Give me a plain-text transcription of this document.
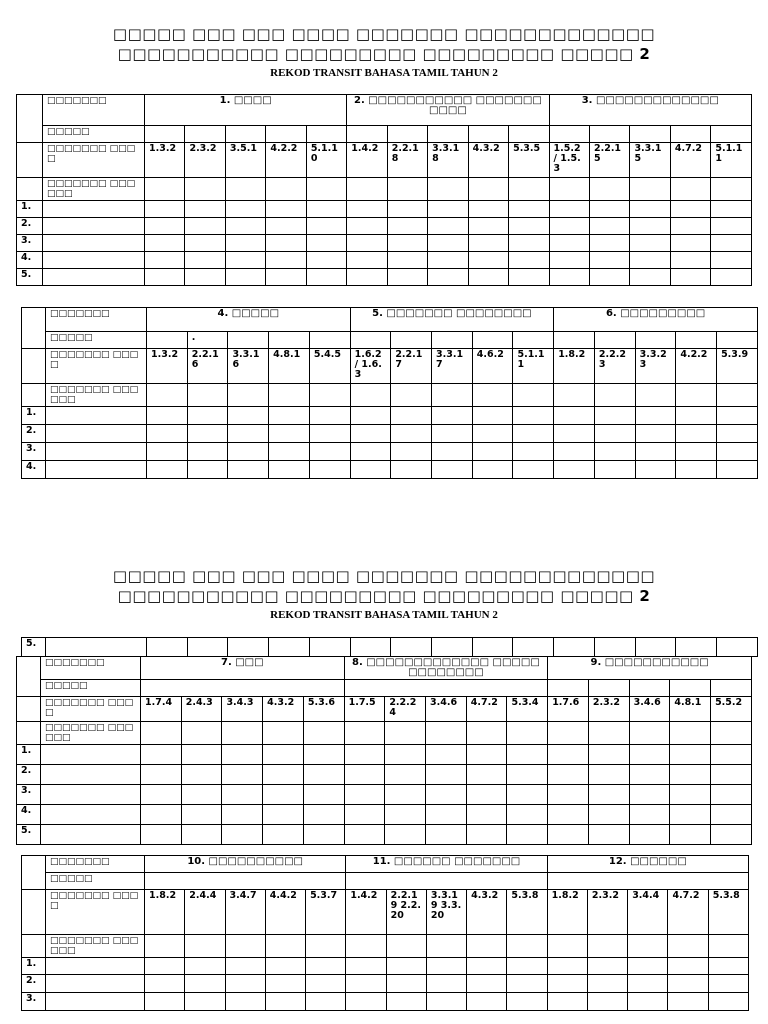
□□□□□ □□□ □□□ □□□□ □□□□□□□ □□□□□□□□□□□□□
□□□□□□□□□□□ □□□□□□□□□ □□□□□□□□□ □□□□□ 2
REKOD TRANSIT BAHASA TAMIL TAHUN 2
	□□□□□□□	1. □□□□					2. □□□□□□□□□□□ □□□□□□□□□□□					3. □□□□□□□□□□□□□				
	□□□□□															
	□□□□□□□ □□□□	1.3.2	2.3.2	3.5.1	4.2.2	5.1.10	1.4.2	2.2.18	3.3.18	4.3.2	5.3.5	1.5.2 / 1.5.3	2.2.15	3.3.15	4.7.2	5.1.11
	□□□□□□□ □□□□□□															
1.																
2.																
3.																
4.																
5.																
	□□□□□□□	4. □□□□□					5. □□□□□□□ □□□□□□□□					6. □□□□□□□□□				
	□□□□□		.													
	□□□□□□□ □□□□	1.3.2	2.2.16	3.3.16	4.8.1	5.4.5	1.6.2 / 1.6.3	2.2.17	3.3.17	4.6.2	5.1.11	1.8.2	2.2.23	3.3.23	4.2.2	5.3.9
	□□□□□□□ □□□□□□															
1.																
2.																
3.																
4.																
□□□□□ □□□ □□□ □□□□ □□□□□□□ □□□□□□□□□□□□□
□□□□□□□□□□□ □□□□□□□□□ □□□□□□□□□ □□□□□ 2
REKOD TRANSIT BAHASA TAMIL TAHUN 2
5.																
	□□□□□□□	7. □□□					8. □□□□□□□□□□□□□ □□□□□□□□□□□□□					9. □□□□□□□□□□□				
	□□□□□															
	□□□□□□□ □□□□	1.7.4	2.4.3	3.4.3	4.3.2	5.3.6	1.7.5	2.2.24	3.4.6	4.7.2	5.3.4	1.7.6	2.3.2	3.4.6	4.8.1	5.5.2
	□□□□□□□ □□□□□□															
1.																
2.																
3.																
4.																
5.																
	□□□□□□□	10. □□□□□□□□□□					11. □□□□□□ □□□□□□□					12. □□□□□□				
	□□□□□															
	□□□□□□□ □□□□	1.8.2	2.4.4	3.4.7	4.4.2	5.3.7	1.4.2	2.2.19 2.2.20	3.3.19 3.3.20	4.3.2	5.3.8	1.8.2	2.3.2	3.4.4	4.7.2	5.3.8
	□□□□□□□ □□□□□□															
1.																
2.																
3.																
